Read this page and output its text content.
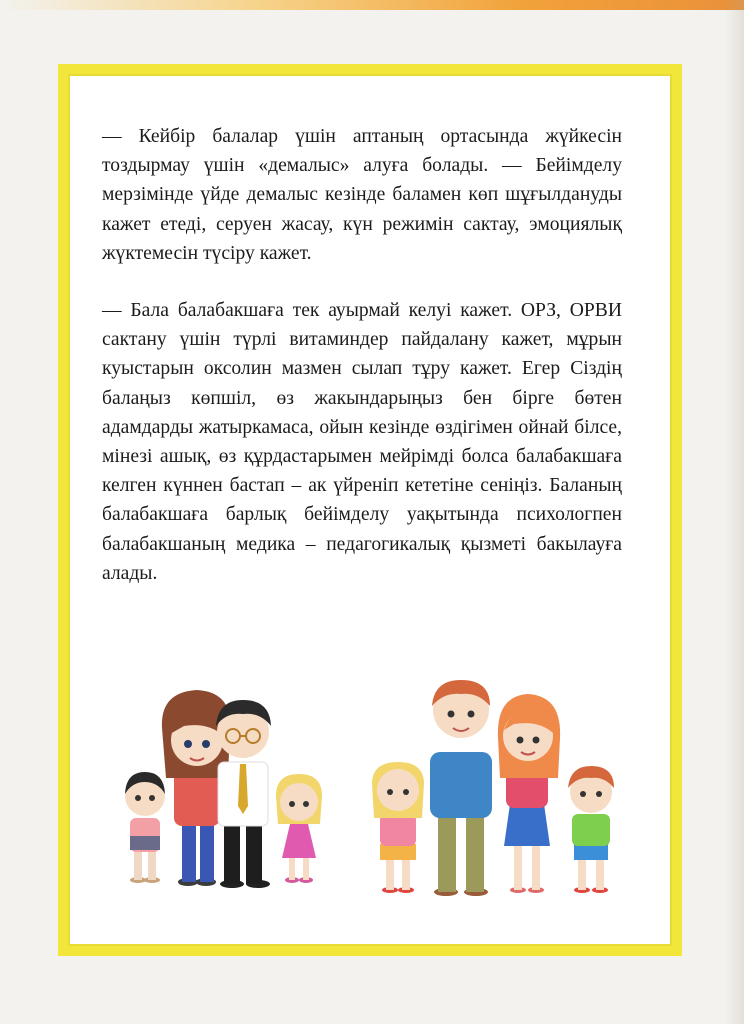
— Кейбір балалар үшін аптаның ортасында жүйкесін тоздырмау үшін «демалыс» алуға болады. — Бейімделу мерзімінде үйде демалыс кезінде баламен көп шұғылдануды кажет етеді, серуен жасау, күн режимін сактау, эмоциялық жүктемесін түсіру кажет.

— Бала балабакшаға тек ауырмай келуі кажет. ОРЗ, ОРВИ сактану үшін түрлі витаминдер пайдалану кажет, мұрын куыстарын оксолин мазмен сылап тұру кажет. Егер Сіздің балаңыз көпшіл, өз жакындарыңыз бен бірге бөтен адамдарды жатыркамаса, ойын кезінде өздігімен ойнай білсе, мінезі ашық, өз құрдастарымен мейрімді болса балабакшаға келген күннен бастап – ак үйреніп кететіне сеніңіз. Баланың балабакшаға барлық бейімделу уақытында психологпен балабакшаның медика – педагогикалық қызметі бакылауға алады.
